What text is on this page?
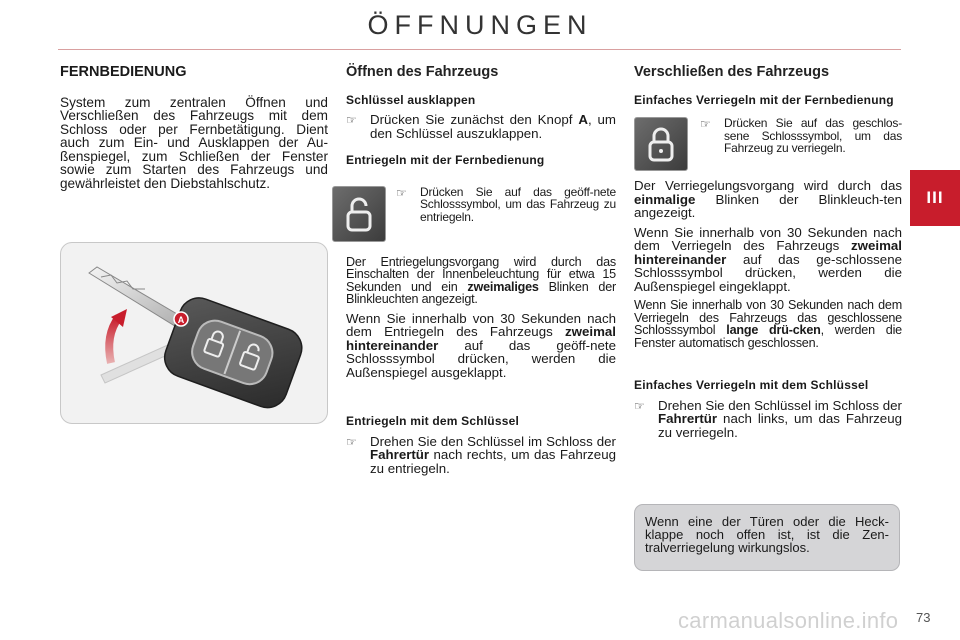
ÖFFNUNGEN
III
FERNBEDIENUNG
System zum zentralen Öffnen und Verschließen des Fahrzeugs mit dem Schloss oder per Fernbetätigung. Dient auch zum Ein- und Ausklappen der Au-ßenspiegel, zum Schließen der Fenster sowie zum Starten des Fahrzeugs und gewährleistet den Diebstahlschutz.
A
Öffnen des Fahrzeugs
Schlüssel ausklappen
☞ Drücken Sie zunächst den Knopf A, um den Schlüssel auszuklappen.
Entriegeln mit der Fernbedienung
☞	Drücken Sie auf das geöff-nete Schlosssymbol, um das Fahrzeug zu entriegeln.
Der Entriegelungsvorgang wird durch das Einschalten der Innenbeleuchtung für etwa 15 Sekunden und ein zweimaliges Blinken der Blinkleuchten angezeigt.
Wenn Sie innerhalb von 30 Sekunden nach dem Entriegeln des Fahrzeugs zweimal hintereinander auf das geöff-nete Schlosssymbol drücken, werden die Außenspiegel ausgeklappt.
Entriegeln mit dem Schlüssel
☞ Drehen Sie den Schlüssel im Schloss der Fahrertür nach rechts, um das Fahrzeug zu entriegeln.
Verschließen des Fahrzeugs
Einfaches Verriegeln mit der Fernbedienung
☞	Drücken Sie auf das geschlos-sene Schlosssymbol, um das Fahrzeug zu verriegeln.
Der Verriegelungsvorgang wird durch das einmalige Blinken der Blinkleuch-ten angezeigt.
Wenn Sie innerhalb von 30 Sekunden nach dem Verriegeln des Fahrzeugs zweimal hintereinander auf das ge-schlossene Schlosssymbol drücken, werden die Außenspiegel eingeklappt.
Wenn Sie innerhalb von 30 Sekunden nach dem Verriegeln des Fahrzeugs das geschlossene Schlosssymbol lange drü-cken, werden die Fenster automatisch geschlossen.
Einfaches Verriegeln mit dem Schlüssel
☞ Drehen Sie den Schlüssel im Schloss der Fahrertür nach links, um das Fahrzeug zu verriegeln.
Wenn eine der Türen oder die Heck-klappe noch offen ist, ist die Zen-tralverriegelung wirkungslos.
carmanualsonline.info 73
